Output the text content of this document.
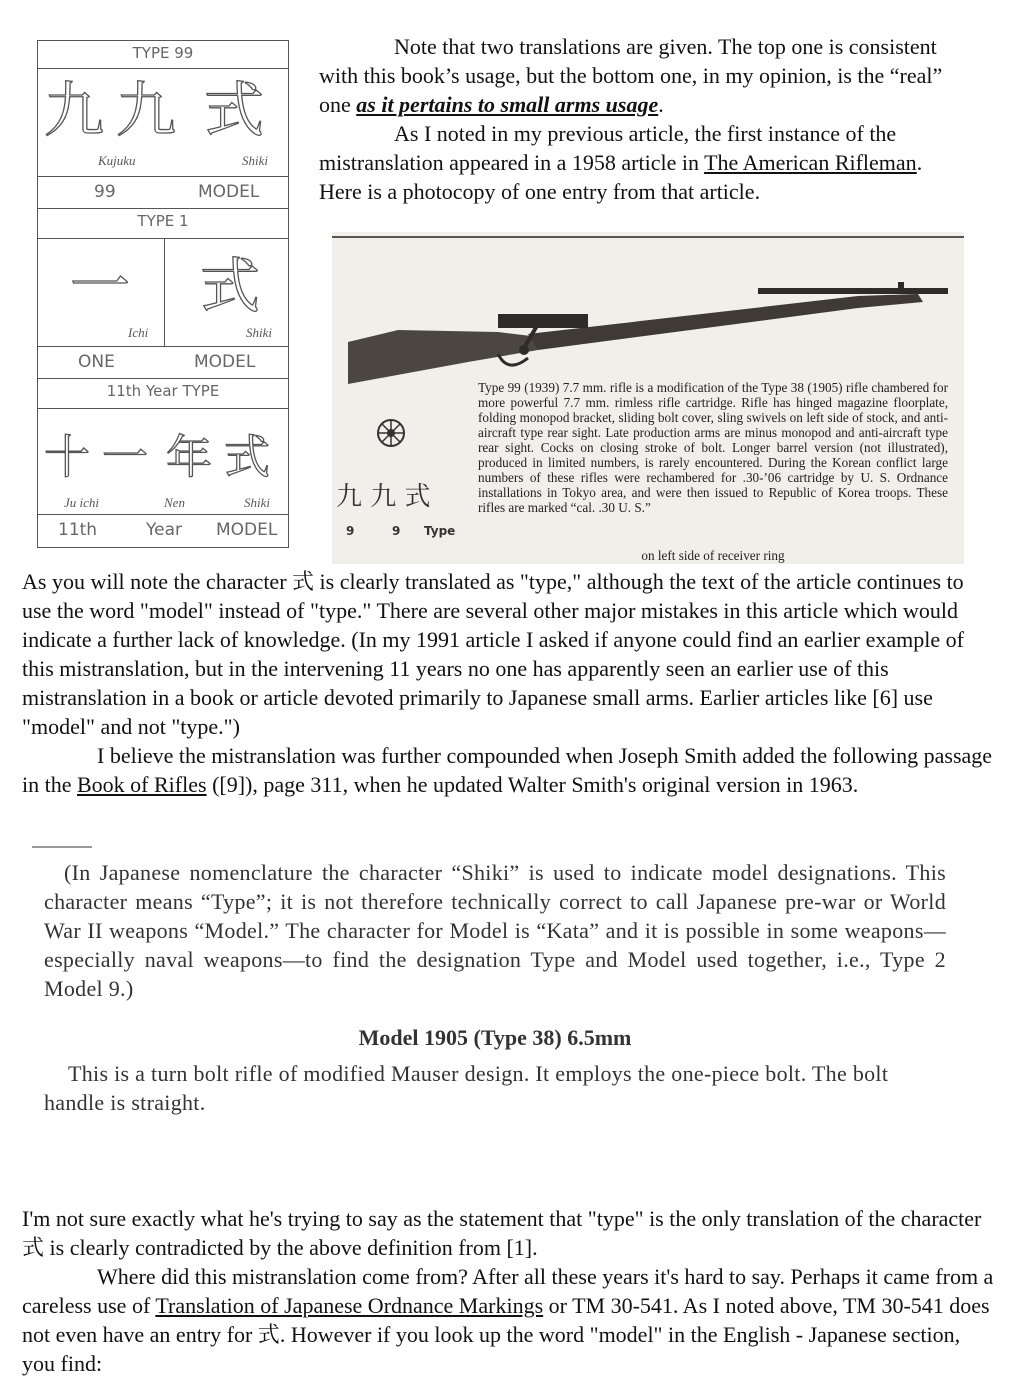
TYPE 99
九 九 式
Kujuku	Shiki
99	MODEL
TYPE 1
一 式
Ichi	Shiki
ONE	MODEL
11th Year TYPE
十 一 年 式
Ju ichi	Nen	Shiki
11th	Year MODEL

Note that two translations are given. The top one is consistent with this book’s usage, but the bottom one, in my opinion, is the “real” one as it pertains to small arms usage.

As I noted in my previous article, the first instance of the mistranslation appeared in a 1958 article in The American Rifleman. Here is a photocopy of one entry from that article.

九 九 式
9	9 Type

Type 99 (1939) 7.7 mm. rifle is a modification of the Type 38 (1905) rifle chambered for more powerful 7.7 mm. rimless rifle cartridge. Rifle has hinged magazine floorplate, folding monopod bracket, sliding bolt cover, sling swivels on left side of stock, and anti-aircraft type rear sight. Late production arms are minus monopod and anti-aircraft type rear sight. Cocks on closing stroke of bolt. Longer barrel version (not illustrated), produced in limited numbers, is rarely encountered. During the Korean conflict large numbers of these rifles were rechambered for .30-’06 cartridge by U. S. Ordnance installations in Tokyo area, and were then issued to Republic of Korea troops. These rifles are marked “cal. .30 U. S.”

on left side of receiver ring

As you will note the character 式 is clearly translated as "type," although the text of the article continues to use the word "model" instead of "type." There are several other major mistakes in this article which would indicate a further lack of knowledge. (In my 1991 article I asked if anyone could find an earlier example of this mistranslation, but in the intervening 11 years no one has apparently seen an earlier use of this mistranslation in a book or article devoted primarily to Japanese small arms. Earlier articles like [6] use "model" and not "type.")

I believe the mistranslation was further compounded when Joseph Smith added the following passage in the Book of Rifles ([9]), page 311, when he updated Walter Smith's original version in 1963.

(In Japanese nomenclature the character “Shiki” is used to indicate model designations. This character means “Type”; it is not therefore technically correct to call Japanese pre-war or World War II weapons “Model.” The character for Model is “Kata” and it is possible in some weapons—especially naval weapons—to find the designation Type and Model used together, i.e., Type 2 Model 9.)

Model 1905 (Type 38) 6.5mm

This is a turn bolt rifle of modified Mauser design. It employs the one-piece bolt. The bolt handle is straight.

I'm not sure exactly what he's trying to say as the statement that "type" is the only translation of the character 式 is clearly contradicted by the above definition from [1].

Where did this mistranslation come from? After all these years it's hard to say. Perhaps it came from a careless use of Translation of Japanese Ordnance Markings or TM 30-541. As I noted above, TM 30-541 does not even have an entry for 式. However if you look up the word "model" in the English - Japanese section, you find:
